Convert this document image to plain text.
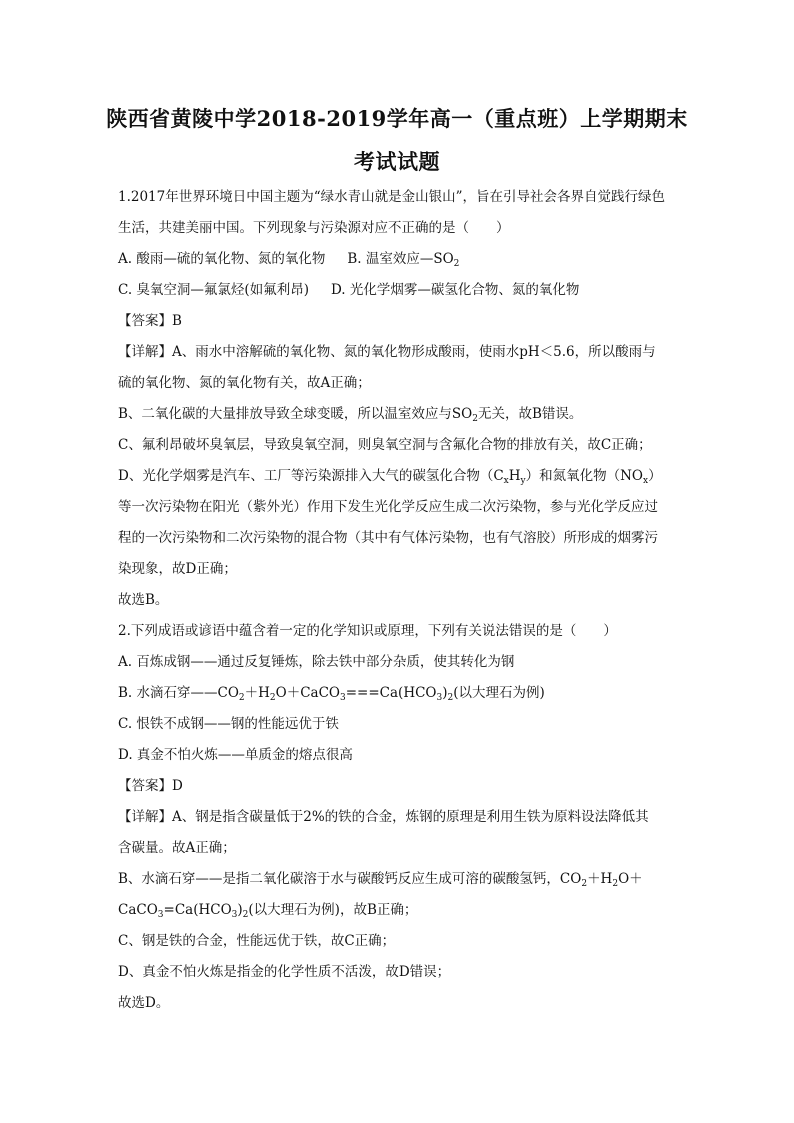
陕西省黄陵中学2018-2019学年高一（重点班）上学期期末
考试试题
1.2017年世界环境日中国主题为“绿水青山就是金山银山”，旨在引导社会各界自觉践行绿色
生活，共建美丽中国。下列现象与污染源对应不正确的是（　　）
A. 酸雨—硫的氧化物、氮的氧化物 B. 温室效应$—SO_2$
C. 臭氧空洞—氟氯烃(如氟利昂) D. 光化学烟雾—碳氢化合物、氮的氧化物
【答案】B
【详解】A、雨水中溶解硫的氧化物、氮的氧化物形成酸雨，使雨水pH＜5.6，所以酸雨与
硫的氧化物、氮的氧化物有关，故A正确；
B、二氧化碳的大量排放导致全球变暖，所以温室效应与$SO_2$无关，故B错误。
C、氟利昂破坏臭氧层，导致臭氧空洞，则臭氧空洞与含氟化合物的排放有关，故C正确；
D、光化学烟雾是汽车、工厂等污染源排入大气的碳氢化合物$(C_xH_y)$和氮氧化物$(NO_x)$
等一次污染物在阳光（紫外光）作用下发生光化学反应生成二次污染物，参与光化学反应过
程的一次污染物和二次污染物的混合物（其中有气体污染物，也有气溶胶）所形成的烟雾污
染现象，故D正确；
故选B。
2.下列成语或谚语中蕴含着一定的化学知识或原理，下列有关说法错误的是（　　）
A. 百炼成钢——通过反复锤炼，除去铁中部分杂质，使其转化为钢
B. 水滴石穿$——CO_2+H_2O+CaCO_3===Ca(HCO_3)_2$(以大理石为例)
C. 恨铁不成钢——钢的性能远优于铁
D. 真金不怕火炼——单质金的熔点很高
【答案】D
【详解】A、钢是指含碳量低于2%的铁的合金，炼钢的原理是利用生铁为原料设法降低其
含碳量。故A正确；
B、水滴石穿——是指二氧化碳溶于水与碳酸钙反应生成可溶的碳酸氢钙，$CO_2+H_2O+$
$CaCO_3=Ca(HCO_3)_2$(以大理石为例)，故B正确；
C、钢是铁的合金，性能远优于铁，故C正确；
D、真金不怕火炼是指金的化学性质不活泼，故D错误；
故选D。
